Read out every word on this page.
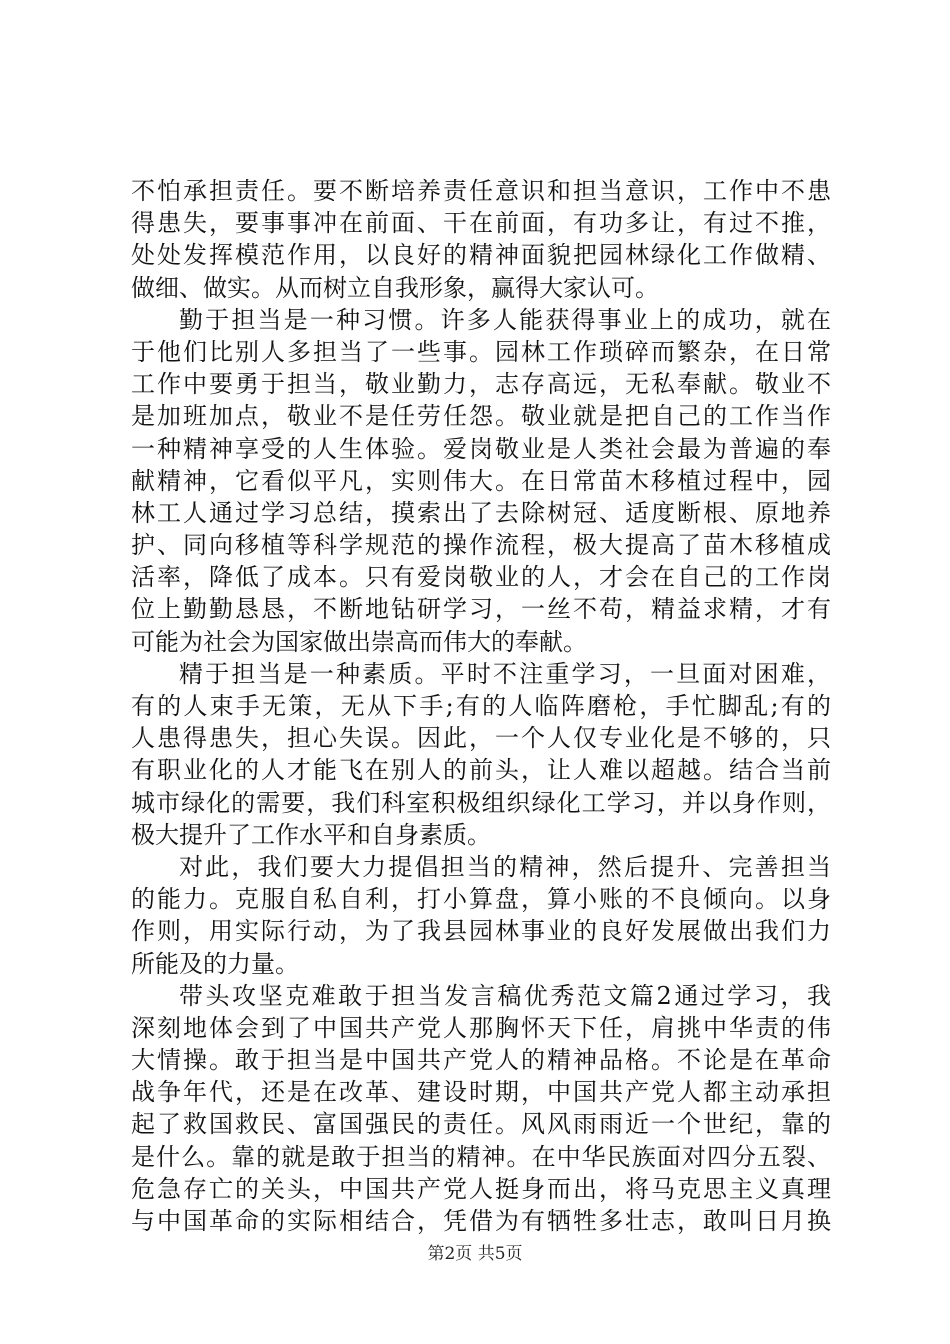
不怕承担责任。要不断培养责任意识和担当意识，工作中不患
得患失，要事事冲在前面、干在前面，有功多让，有过不推，
处处发挥模范作用，以良好的精神面貌把园林绿化工作做精、
做细、做实。从而树立自我形象，赢得大家认可。
勤于担当是一种习惯。许多人能获得事业上的成功，就在
于他们比别人多担当了一些事。园林工作琐碎而繁杂，在日常
工作中要勇于担当，敬业勤力，志存高远，无私奉献。敬业不
是加班加点，敬业不是任劳任怨。敬业就是把自己的工作当作
一种精神享受的人生体验。爱岗敬业是人类社会最为普遍的奉
献精神，它看似平凡，实则伟大。在日常苗木移植过程中，园
林工人通过学习总结，摸索出了去除树冠、适度断根、原地养
护、同向移植等科学规范的操作流程，极大提高了苗木移植成
活率，降低了成本。只有爱岗敬业的人，才会在自己的工作岗
位上勤勤恳恳，不断地钻研学习，一丝不苟，精益求精，才有
可能为社会为国家做出崇高而伟大的奉献。
精于担当是一种素质。平时不注重学习，一旦面对困难，
有的人束手无策，无从下手;有的人临阵磨枪，手忙脚乱;有的
人患得患失，担心失误。因此，一个人仅专业化是不够的，只
有职业化的人才能飞在别人的前头，让人难以超越。结合当前
城市绿化的需要，我们科室积极组织绿化工学习，并以身作则，
极大提升了工作水平和自身素质。
对此，我们要大力提倡担当的精神，然后提升、完善担当
的能力。克服自私自利，打小算盘，算小账的不良倾向。以身
作则，用实际行动，为了我县园林事业的良好发展做出我们力
所能及的力量。
带头攻坚克难敢于担当发言稿优秀范文篇2通过学习，我
深刻地体会到了中国共产党人那胸怀天下任，肩挑中华责的伟
大情操。敢于担当是中国共产党人的精神品格。不论是在革命
战争年代，还是在改革、建设时期，中国共产党人都主动承担
起了救国救民、富国强民的责任。风风雨雨近一个世纪，靠的
是什么。靠的就是敢于担当的精神。在中华民族面对四分五裂、
危急存亡的关头，中国共产党人挺身而出，将马克思主义真理
与中国革命的实际相结合，凭借为有牺牲多壮志，敢叫日月换
第2页 共5页
